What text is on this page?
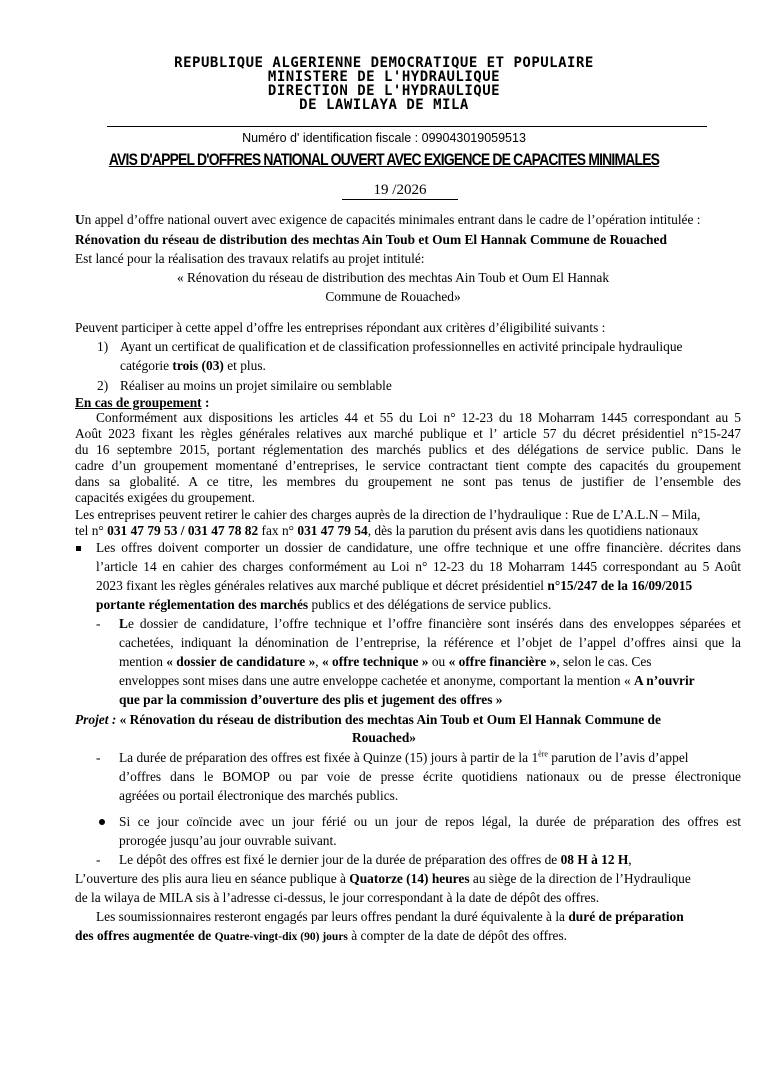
REPUBLIQUE ALGERIENNE DEMOCRATIQUE ET POPULAIRE
MINISTERE DE L'HYDRAULIQUE
DIRECTION DE L'HYDRAULIQUE
DE LAWILAYA DE MILA
Numéro d' identification fiscale : 099043019059513
AVIS D'APPEL D'OFFRES NATIONAL OUVERT AVEC EXIGENCE DE CAPACITES MINIMALES
19 /2026
Un appel d’offre national ouvert avec exigence de capacités minimales entrant dans le cadre de l’opération intitulée :
Rénovation du réseau de distribution des mechtas Ain Toub et Oum El Hannak Commune de Rouached
Est lancé pour la réalisation des travaux relatifs au projet intitulé:
« Rénovation du réseau de distribution des mechtas Ain Toub et Oum El Hannak
Commune de Rouached»
Peuvent participer à cette appel d’offre les entreprises répondant aux critères d’éligibilité suivants :
1) Ayant un certificat de qualification et de classification professionnelles en activité principale hydraulique
catégorie trois (03) et plus.
2) Réaliser au moins un projet similaire ou semblable
En cas de groupement :
Conformément aux dispositions les articles 44 et 55 du Loi n° 12-23 du 18 Moharram 1445 correspondant au 5
Août 2023 fixant les règles générales relatives aux marché publique et l’ article 57 du décret présidentiel n°15-247
du 16 septembre 2015, portant réglementation des marchés publics et des délégations de service public. Dans le
cadre d’un groupement momentané d’entreprises, le service contractant tient compte des capacités du groupement
dans sa globalité. A ce titre, les membres du groupement ne sont pas tenus de justifier de l’ensemble des
capacités exigées du groupement.
Les entreprises peuvent retirer le cahier des charges auprès de la direction de l’hydraulique : Rue de L’A.L.N – Mila,
tel n° 031 47 79 53 / 031 47 78 82 fax n° 031 47 79 54, dès la parution du présent avis dans les quotidiens nationaux
Les offres doivent comporter un dossier de candidature, une offre technique et une offre financière. décrites dans
l’article 14 en cahier des charges conformément au Loi n° 12-23 du 18 Moharram 1445 correspondant au 5 Août
2023 fixant les règles générales relatives aux marché publique et décret présidentiel n°15/247 de la 16/09/2015
portante réglementation des marchés publics et des délégations de service publics.
- Le dossier de candidature, l’offre technique et l’offre financière sont insérés dans des enveloppes séparées et
cachetées, indiquant la dénomination de l’entreprise, la référence et l’objet de l’appel d’offres ainsi que la
mention « dossier de candidature », « offre technique » ou « offre financière », selon le cas. Ces
enveloppes sont mises dans une autre enveloppe cachetée et anonyme, comportant la mention « A n’ouvrir
que par la commission d’ouverture des plis et jugement des offres »
Projet : « Rénovation du réseau de distribution des mechtas Ain Toub et Oum El Hannak Commune de
Rouached»
- La durée de préparation des offres est fixée à Quinze (15) jours à partir de la 1ère parution de l’avis d’appel
d’offres dans le BOMOP ou par voie de presse écrite quotidiens nationaux ou de presse électronique
agréées ou portail électronique des marchés publics.
Si ce jour coïncide avec un jour férié ou un jour de repos légal, la durée de préparation des offres est
prorogée jusqu’au jour ouvrable suivant.
- Le dépôt des offres est fixé le dernier jour de la durée de préparation des offres de 08 H à 12 H,
L’ouverture des plis aura lieu en séance publique à Quatorze (14) heures au siège de la direction de l’Hydraulique
de la wilaya de MILA sis à l’adresse ci-dessus, le jour correspondant à la date de dépôt des offres.
Les soumissionnaires resteront engagés par leurs offres pendant la duré équivalente à la duré de préparation
des offres augmentée de Quatre-vingt-dix (90) jours à compter de la date de dépôt des offres.
